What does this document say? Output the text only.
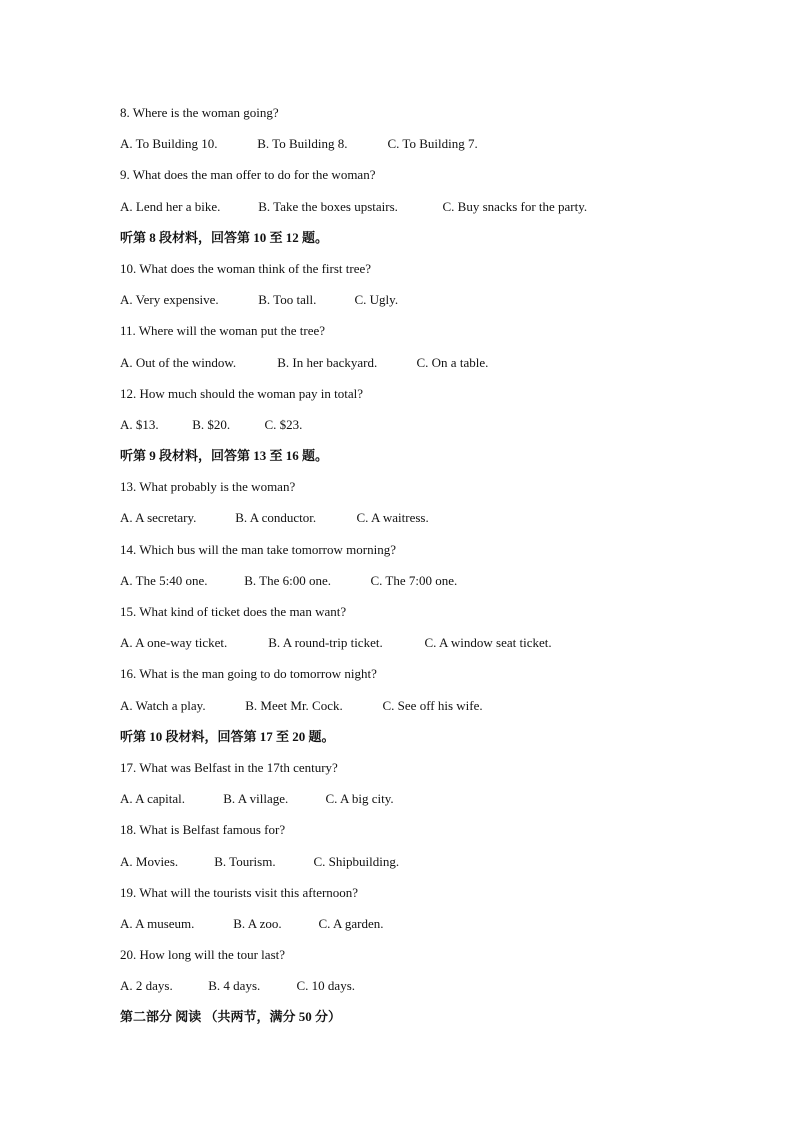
8. Where is the woman going?
A. To Building 10.	B. To Building 8.	C. To Building 7.
9. What does the man offer to do for the woman?
A. Lend her a bike.	B. Take the boxes upstairs.	C. Buy snacks for the party.
听第 8 段材料，回答第 10 至 12 题。
10. What does the woman think of the first tree?
A. Very expensive.	B. Too tall.	C. Ugly.
11. Where will the woman put the tree?
A. Out of the window.	B. In her backyard.	C. On a table.
12. How much should the woman pay in total?
A. $13.	B. $20.	C. $23.
听第 9 段材料，回答第 13 至 16 题。
13. What probably is the woman?
A. A secretary.	B. A conductor.	C. A waitress.
14. Which bus will the man take tomorrow morning?
A. The 5:40 one.	B. The 6:00 one.	C. The 7:00 one.
15. What kind of ticket does the man want?
A. A one-way ticket.	B. A round-trip ticket.	C. A window seat ticket.
16. What is the man going to do tomorrow night?
A. Watch a play.	B. Meet Mr. Cock.	C. See off his wife.
听第 10 段材料，回答第 17 至 20 题。
17. What was Belfast in the 17th century?
A. A capital.	B. A village.	C. A big city.
18. What is Belfast famous for?
A. Movies.	B. Tourism.	C. Shipbuilding.
19. What will the tourists visit this afternoon?
A. A museum.	B. A zoo.	C. A garden.
20. How long will the tour last?
A. 2 days.	B. 4 days.	C. 10 days.
第二部分 阅读 （共两节，满分 50 分）
